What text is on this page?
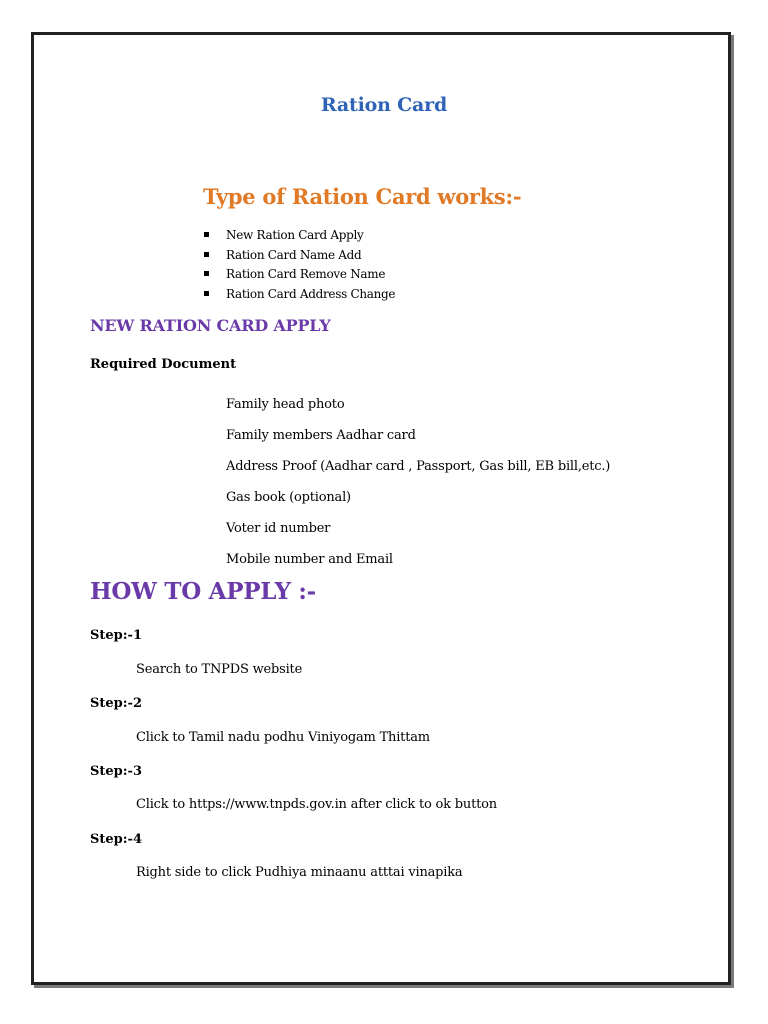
Ration Card
Type of Ration Card works:-
New Ration Card Apply
Ration Card Name Add
Ration Card Remove Name
Ration Card Address Change
NEW RATION CARD APPLY

Required Document

Family head photo
Family members Aadhar card
Address Proof (Aadhar card , Passport, Gas bill, EB bill,etc.)
Gas book (optional)
Voter id number
Mobile number and Email
HOW TO APPLY :-

Step:-1

Search to TNPDS website

Step:-2

Click to Tamil nadu podhu Viniyogam Thittam

Step:-3

Click to https://www.tnpds.gov.in after click to ok button

Step:-4

Right side to click Pudhiya minaanu atttai vinapika
